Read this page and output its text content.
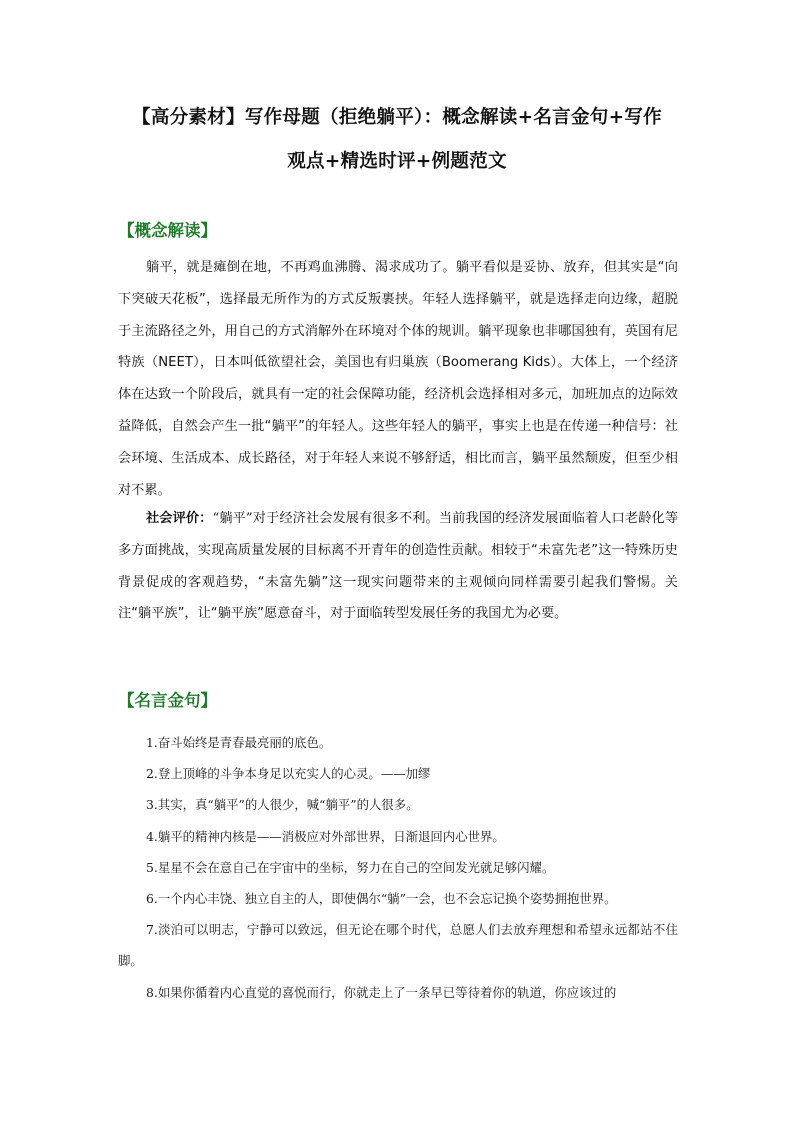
【高分素材】写作母题（拒绝躺平）：概念解读+名言金句+写作
观点+精选时评+例题范文
【概念解读】

躺平，就是瘫倒在地，不再鸡血沸腾、渴求成功了。躺平看似是妥协、放弃，但其实是“向下突破天花板”，选择最无所作为的方式反叛裹挟。年轻人选择躺平，就是选择走向边缘，超脱于主流路径之外，用自己的方式消解外在环境对个体的规训。躺平现象也非哪国独有，英国有尼特族（NEET），日本叫低欲望社会，美国也有归巢族（Boomerang Kids）。大体上，一个经济体在达致一个阶段后，就具有一定的社会保障功能，经济机会选择相对多元，加班加点的边际效益降低，自然会产生一批“躺平”的年轻人。这些年轻人的躺平，事实上也是在传递一种信号：社会环境、生活成本、成长路径，对于年轻人来说不够舒适，相比而言，躺平虽然颓废，但至少相对不累。

社会评价：“躺平”对于经济社会发展有很多不利。当前我国的经济发展面临着人口老龄化等多方面挑战，实现高质量发展的目标离不开青年的创造性贡献。相较于“未富先老”这一特殊历史背景促成的客观趋势，“未富先躺”这一现实问题带来的主观倾向同样需要引起我们警惕。关注“躺平族”，让“躺平族”愿意奋斗，对于面临转型发展任务的我国尤为必要。

【名言金句】
1.奋斗始终是青春最亮丽的底色。
2.登上顶峰的斗争本身足以充实人的心灵。——加缪
3.其实，真“躺平”的人很少，喊“躺平”的人很多。
4.躺平的精神内核是——消极应对外部世界，日渐退回内心世界。
5.星星不会在意自己在宇宙中的坐标，努力在自己的空间发光就足够闪耀。
6.一个内心丰饶、独立自主的人，即使偶尔“躺”一会，也不会忘记换个姿势拥抱世界。
7.淡泊可以明志，宁静可以致远，但无论在哪个时代，总愿人们去放弃理想和希望永远都站不住脚。
8.如果你循着内心直觉的喜悦而行，你就走上了一条早已等待着你的轨道，你应该过的
